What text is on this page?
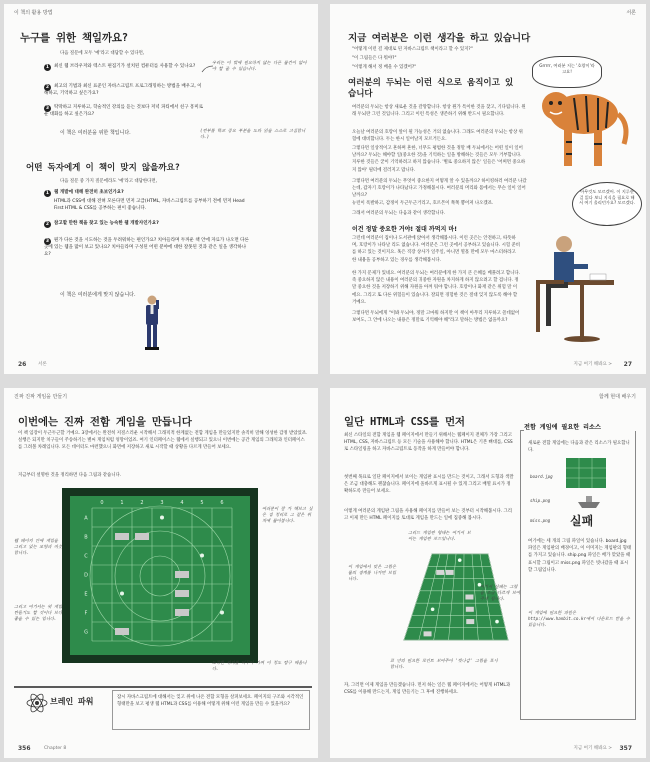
이 책의 활용 방법
누구를 위한 책일까요?
다음 질문에 모두 '예'라고 대답할 수 있다면,
1 최신 웹 브라우저와 텍스트 편집기가 설치된 컴퓨터를 사용할 수 있나요?
2 최고의 기법과 최신 표준인 자바스크립트 프로그래밍하는 방법을 배우고, 이해하고, 기억하고 싶은가요?
3 딱딱하고 지루하고, 학술적인 강의를 듣는 것보다 저녁 파티에서 친구 흥미로운 대화를 하고 싶은가요?
우리는 이 밖에 필요하지 않는 다른 물건이 없어야 할 줄 수 있습니다.
이 책은 여러분을 위한 책입니다.	(전부를 학교 중요 부분을 도와 읽을 스스로 고심합니다.)
어떤 독자에게 이 책이 맞지 않을까요?
다음 질문 중 가지 질문에라도 '예'라고 대답한다면,
1 웹 개발에 대해 완전히 초보인가요?
HTML과 CSS에 대해 전혀 모른다면 먼저 고급(HTML, 자바스크립트를 공부하기 전에 먼저 Head First HTML & CSS를 공부하는 편이 좋습니다.
2 참고할 만한 책을 찾고 있는 능숙한 웹 개발자인가요?
3 뭔가 다른 것을 시도하는 것을 두려워하는 편인가요? 치아들라며 두꺼운 책 안에 자료가 나오면 다른 곳에 있는 웹을 많이 보고 있나요? 치아들라며 구성된 어떤 분야에 대한 잘못된 것과 같은 일을 생각하나요?
이 책은 여러분에게 맞지 않습니다.
26	서론
서론
지금 여러분은 이런 생각을 하고 있습니다
"어떻게 이런 걸 제대로 된 자바스크립트 책이라고 할 수 있지?"
"이 그림들은 다 뭐야?"
"이렇게 해서 정 배울 수 있겠어?"
여러분의 두뇌는 이런 식으로 움직이고 있습니다
여러분의 두뇌는 항상 새로운 것을 갈망합니다. 항상 뭔가 특이한 것을 찾고, 기다립니다. 원래 두뇌란 그런 것입니다. 그리고 이런 특성은 생존하기 위해 반드시 필요합니다.
오늘날 여러분의 호랑이 앞이 될 가능성은 거의 없습니다. 그래도 여러분의 두뇌는 항상 위험에 대비합니다. 두는 한시 일어날지 모르거든요.
그렇다면 일상적이고 흔하며 흔한, 너무도 평범한 것을 정말 배 두뇌에서는 어떤 일이 일어날까요? 두뇌는 해야할 일(중요한 것)을 기억하는 일을 방해하는 것들은 모두 거부합니다. 지루한 것들은 굳이 기억하려고 하지 않습니다. '별로 중요하지 않은' 일들은 '어쩌면 중요하지 않아' 필터에 걸러지고 맙니다.
그렇다면 여러분의 두뇌는 무엇이 중요한지 어떻게 알 수 있을까요? 하이킹하러 여러분 나갔는데, 갑자기 호랑이가 나타났다고 가정해봅시다. 여러분의 머리와 몸에서는 무슨 일이 일어날까요?
뉴런이 폭발하고, 감정이 두근두근거리고, 호르몬이 쭉쭉 뿜어져 나오겠죠.
그래서 여러분의 두뇌는 다음과 같이 생각합니다.
이건 정말 중요한 거야! 절대 까먹지 마!
그런데 여러분이 집이나 도서관에 앉아서 생각해봅시다. 이런 곳은는 안전하고, 따뜻하며, 호랑이가 나타날 리도 없습니다. 여러분은 그런 곳에서 공부하고 있습니다. 시험 준비를 하고 있는 것이지요. 혹은 직장 상사가 일주일, 아니면 열흘 만에 모두 마스터하라고 한 내용을 공부하고 있는 경우를 생각해봅시다.
한 가지 문제가 있네요. 여러분의 두뇌는 여러분에게 한 가지 큰 은혜를 베풀려고 합니다. 즉 중요하지 않은 내용이 여러분의 귀중한 자원을 차지하게 하지 않으려고 할 겁니다. 정말 중요한 것을 저장하기 위해 자원을 아껴 둬야 합니다. 호랑이나 화재 같은 위험 말 이에요. 그리고 또 다른 위험들이 있습니다. 잘되면 경험한 것은 절대 잊지 않도록 해야 할 거예요.
그렇다면 두뇌에게 "이봐 두뇌야, 정말 고마워 하지만 이 책이 아무리 지루하고 쓸데없어 보여도, 그 안에 나오는 내용은 정말로 기억해야 해"라고 말하는 방법은 없을까요?
Grrrrr, 여러분 저는 '호랑이'라고요!
아무것도 모르겠어. 이 지루한 걸 읽다 보니 지식을 필요로 해서 여기 올리던가요? 모르겠다.
지금 여기 해봐요 > 27
진짜 진짜 게임을 만들기
이번에는 진짜 전함 게임을 만듭니다
이 책 임장이 두근두근할 거예요. 3장에서는 완전히 저질스러운 시작해서 그래픽적 한계없는 전함 게임을 만들었지만 솔직히 말해 엉성한 감정 받았었죠. 실행은 되지만 치구들이 주송하기는 별씨 게임처럼 엉망이었죠. 여기 인터페이스는 웹에서 실행되고 있으니 이번에는 공간 게임의 그래픽과 인터페이스를 그려볼 차례입니다. 모든 데이터도 마련했으니 화면에 저장하고 새로 시작할 때 상황을 다르게 만들어 보세요.
지금부터 설명한 것을 정리하면 다음 그림과 같습니다.
0	1	2	3	4	5	6
A
B
C
D
E
F
G
웹 페이지 안에 게임을 그리고 있는 모양과 비슷합니다.
그리고 여기서는 위 게임 만들기도 할 것이다 보다 좋을 수 있는 입니다.
여러분이 잘 가 해보고 싶은 점 정리로 그 같은 위치에 물어봅니다.
도착한 위치를 바꾸어 가며 이 정도 탐구 배웁니다.
브레인 파워	잠시 자바스크립트에 대해서는 잊고 위에 나온 전함 모형을 살펴보세요. 페이지의 구조와 시각적인 형태만을 보고 평생 웹 HTML과 CSS를 이용해 어떻게 위해 이런 게임을 만들 수 있을까요?
356	Chapter 8
함께 현대 배우기
일단 HTML과 CSS를 먼저
최신 스타일의 전함 게임을 웹 페이지에서 만들기 위해서는 웹페이지 전체가 가장 그리고 HTML, CSS, 자바스크립트 등 모든 기술을 사용해야 합니다. HTML은 기본 뼈대를, CSS로 스타일링을 하고 자바스크립트로 동작을 하게 만들어야 합니다.
첫번째 목표로 일단 페이지에서 보이는 게임판 표시를 만드는 것이고, 그래서 도형과 색깔은 조금 대충해도 괜찮습니다. 페이지에 올바르게 표시될 수 있게 그리고 배열 표시가 정확하도록 만들어 보세요.
이렇게 여러분의 게임판 그림을 사용해 페이지를 만들어 보는 것부터 시작해봅시다. 그리고 이제 만든 HTML 페이지를 토대로 게임을 만드는 일에 집중해 봅시다.
전함 게임에 필요한 리소스
새로운 전함 게임에는 다음과 같은 리소스가 필요합니다.
board.jpg
ship.png
실패
miss.png
여기에는 세 개의 그림 파일이 있습니다. board.jpg 파일은 게임판의 배경이고, 이 이미지는 게임판의 형태를 가지고 있습니다. ship.png 파일은 배가 맞았을 때 표시할 그림이고 miss.png 파일은 빗나갔을 때 표시할 그림입니다.
이 게임에 필요한 파일은 http://www.hanbit.co.kr에서 다운로드 받을 수 있습니다.
그리드 게임판 형태는 여기서 보이는 게임판 보드입니다.
이 게임에서 맞은 그림은 물의 경계를 나가면 보입니다.
여기서 실패는 그림을 조금 다르게 보여주게 됩니다.
표 안의 필요한 포인트 보여주어 '빗나감' 그림을 표시합니다.
자, 그러면 이제 게임을 만들겠습니다. 먼저 하는 일은 웹 페이지에서는 어떻게 HTML과 CSS를 이용해 만드는지, 게임 만들기는 그 후에 진행하세요.
지금 여기 해봐요 > 357
